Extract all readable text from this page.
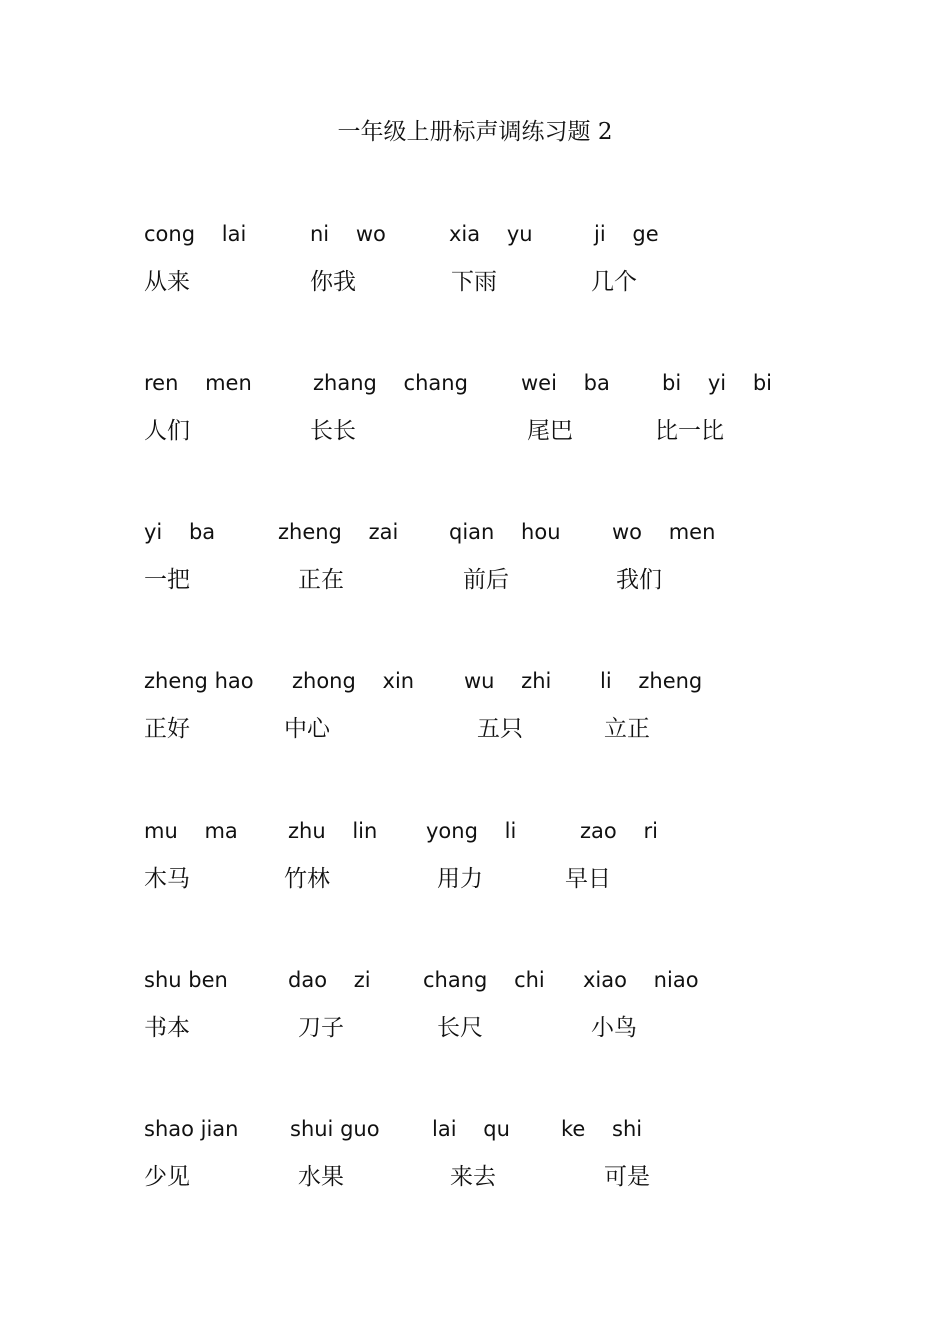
一年级上册标声调练习题 2
cong    lai
从来
ni    wo
你我
xia    yu
下雨
ji    ge
几个
ren    men
人们
zhang    chang
长长
wei    ba
尾巴
bi    yi    bi
比一比
yi    ba
一把
zheng    zai
正在
qian    hou
前后
wo    men
我们
zheng hao
正好
zhong    xin
中心
wu    zhi
五只
li    zheng
立正
mu    ma
木马
zhu    lin
竹林
yong    li
用力
zao    ri
早日
shu ben
书本
dao    zi
刀子
chang    chi
长尺
xiao    niao
小鸟
shao jian
少见
shui guo
水果
lai    qu
来去
ke    shi
可是
